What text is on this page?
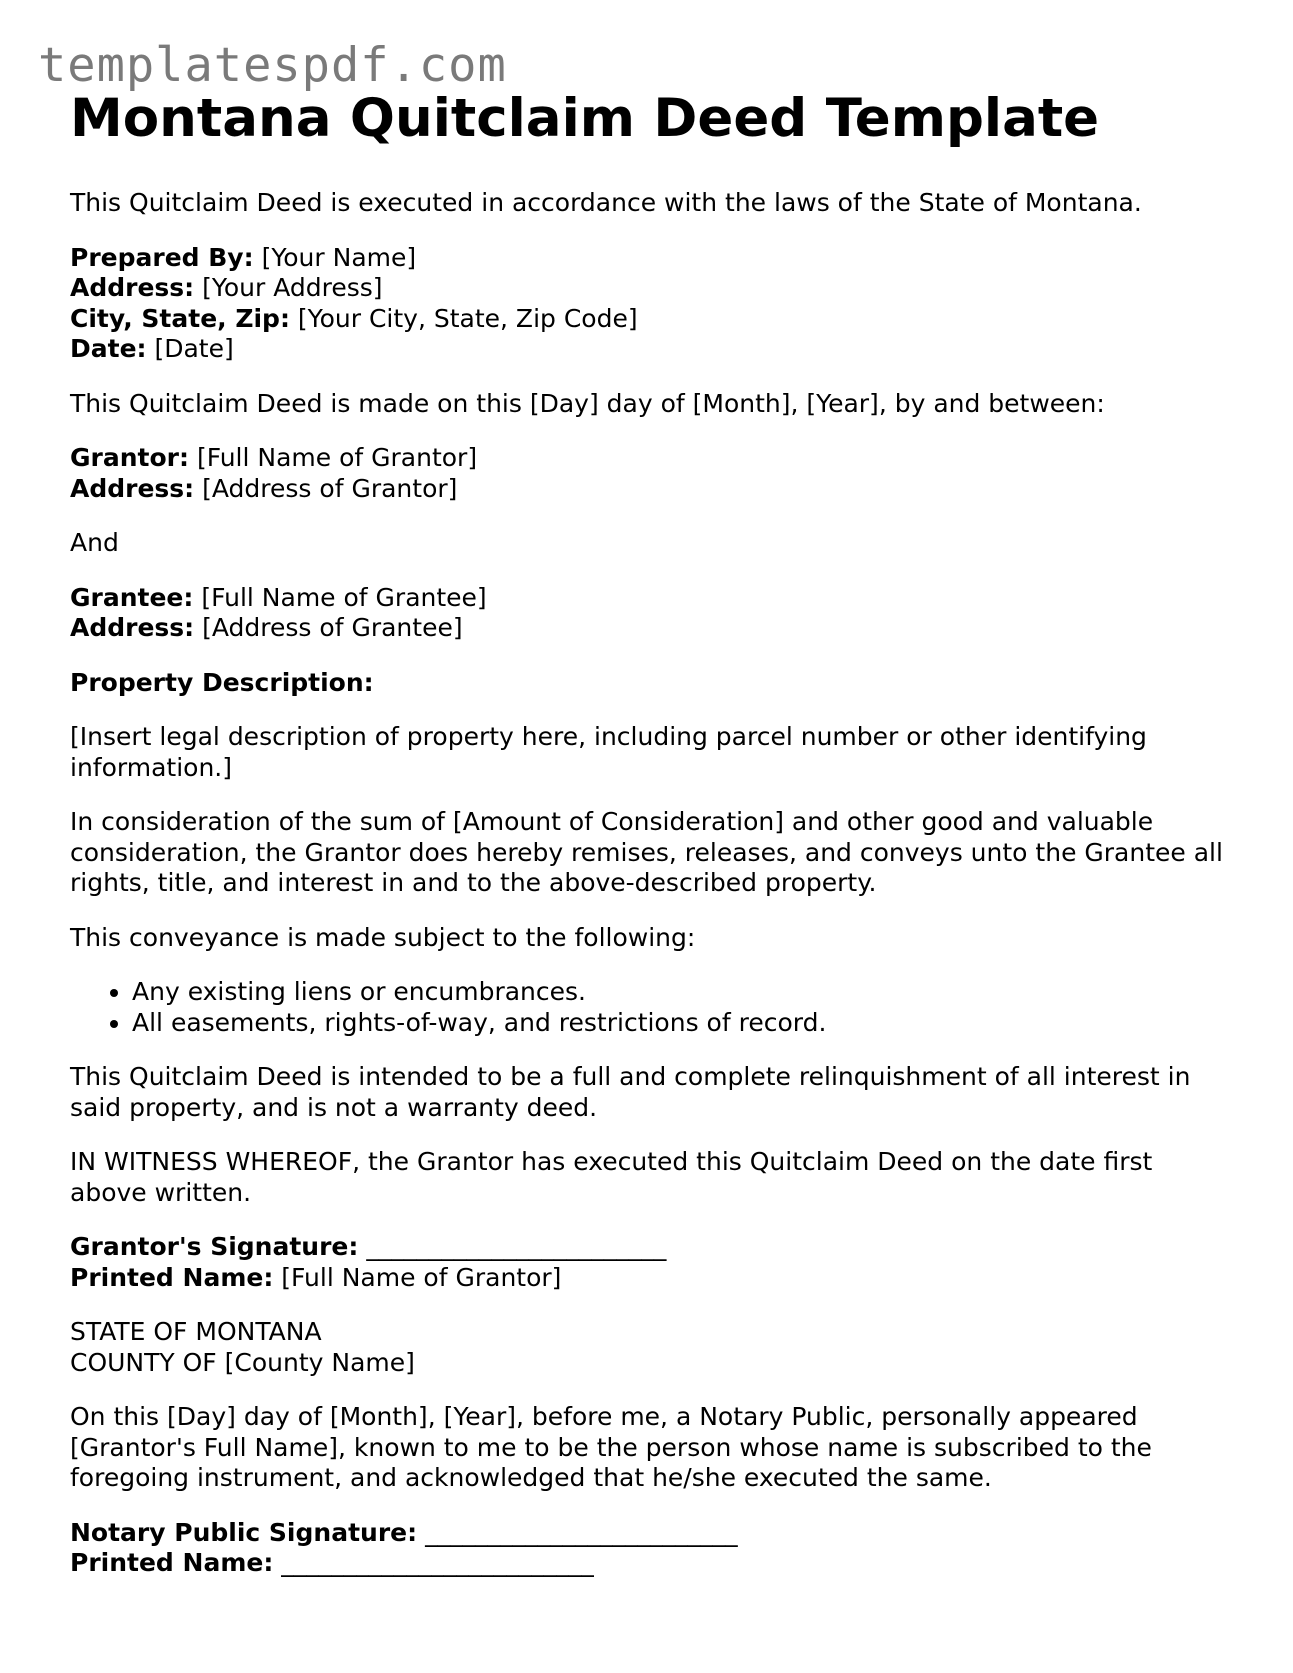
templatespdf.com
Montana Quitclaim Deed Template

This Quitclaim Deed is executed in accordance with the laws of the State of Montana.

Prepared By: [Your Name]
Address: [Your Address]
City, State, Zip: [Your City, State, Zip Code]
Date: [Date]

This Quitclaim Deed is made on this [Day] day of [Month], [Year], by and between:

Grantor: [Full Name of Grantor]
Address: [Address of Grantor]

And

Grantee: [Full Name of Grantee]
Address: [Address of Grantee]

Property Description:

[Insert legal description of property here, including parcel number or other identifying information.]

In consideration of the sum of [Amount of Consideration] and other good and valuable consideration, the Grantor does hereby remises, releases, and conveys unto the Grantee all rights, title, and interest in and to the above-described property.

This conveyance is made subject to the following:

• Any existing liens or encumbrances.
• All easements, rights-of-way, and restrictions of record.

This Quitclaim Deed is intended to be a full and complete relinquishment of all interest in said property, and is not a warranty deed.

IN WITNESS WHEREOF, the Grantor has executed this Quitclaim Deed on the date first above written.

Grantor's Signature: ________________________
Printed Name: [Full Name of Grantor]

STATE OF MONTANA
COUNTY OF [County Name]

On this [Day] day of [Month], [Year], before me, a Notary Public, personally appeared [Grantor's Full Name], known to me to be the person whose name is subscribed to the foregoing instrument, and acknowledged that he/she executed the same.

Notary Public Signature: _________________________
Printed Name: _________________________
